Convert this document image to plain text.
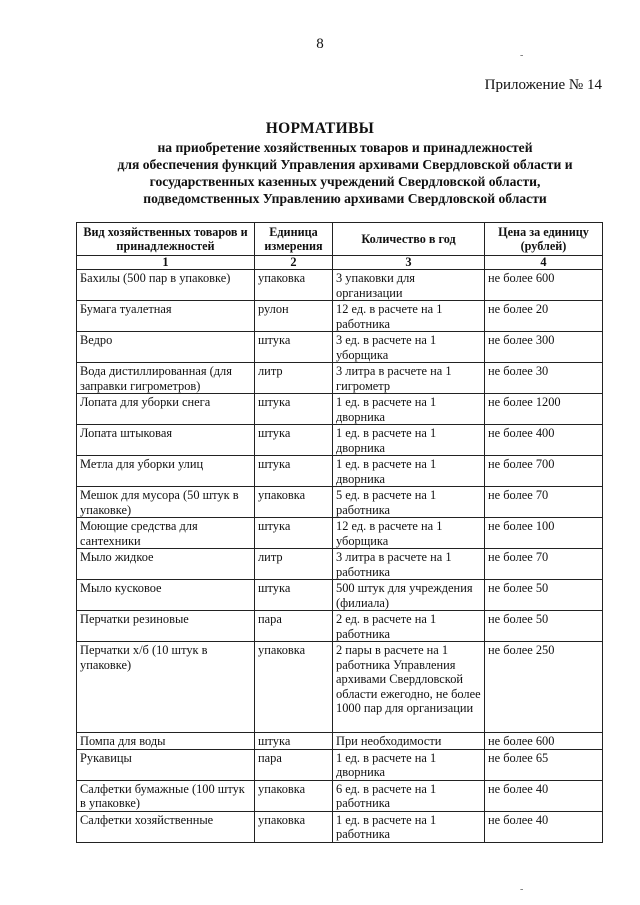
8
Приложение № 14
НОРМАТИВЫ
на приобретение хозяйственных товаров и принадлежностей
для обеспечения функций Управления архивами Свердловской области и
государственных казенных учреждений Свердловской области,
подведомственных Управлению архивами Свердловской области
Вид хозяйственных товаров и принадлежностей	Единица измерения	Количество в год	Цена за единицу (рублей)
1	2	3	4
Бахилы (500 пар в упаковке)	упаковка	3 упаковки для организации	не более 600
Бумага туалетная	рулон	12 ед. в расчете на 1 работника	не более 20
Ведро	штука	3 ед. в расчете на 1 уборщика	не более 300
Вода дистиллированная (для заправки гигрометров)	литр	3 литра в расчете на 1 гигрометр	не более 30
Лопата для уборки снега	штука	1 ед. в расчете на 1 дворника	не более 1200
Лопата штыковая	штука	1 ед. в расчете на 1 дворника	не более 400
Метла для уборки улиц	штука	1 ед. в расчете на 1 дворника	не более 700
Мешок для мусора (50 штук в упаковке)	упаковка	5 ед. в расчете на 1 работника	не более 70
Моющие средства для сантехники	штука	12 ед. в расчете на 1 уборщика	не более 100
Мыло жидкое	литр	3 литра в расчете на 1 работника	не более 70
Мыло кусковое	штука	500 штук для учреждения (филиала)	не более 50
Перчатки резиновые	пара	2 ед. в расчете на 1 работника	не более 50
Перчатки х/б (10 штук в упаковке)	упаковка	2 пары в расчете на 1 работника Управления архивами Свердловской области ежегодно, не более 1000 пар для организации	не более 250
Помпа для воды	штука	При необходимости	не более 600
Рукавицы	пара	1 ед. в расчете на 1 дворника	не более 65
Салфетки бумажные (100 штук в упаковке)	упаковка	6 ед. в расчете на 1 работника	не более 40
Салфетки хозяйственные	упаковка	1 ед. в расчете на 1 работника	не более 40
-
-
